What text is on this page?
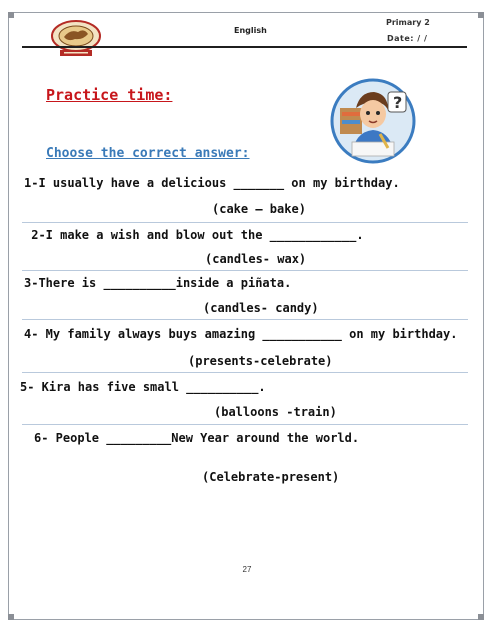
English
Primary 2
Date: / /
Practice time:	?
Choose the correct answer:
1-I usually have a delicious _______ on my birthday.
(cake – bake)
2-I make a wish and blow out the ____________.
(candles- wax)
3-There is __________inside a piñata.
(candles- candy)
4- My family always buys amazing ___________ on my birthday.
(presents-celebrate)
5- Kira has five small __________.
(balloons -train)
6- People _________New Year around the world.
(Celebrate-present)
27
